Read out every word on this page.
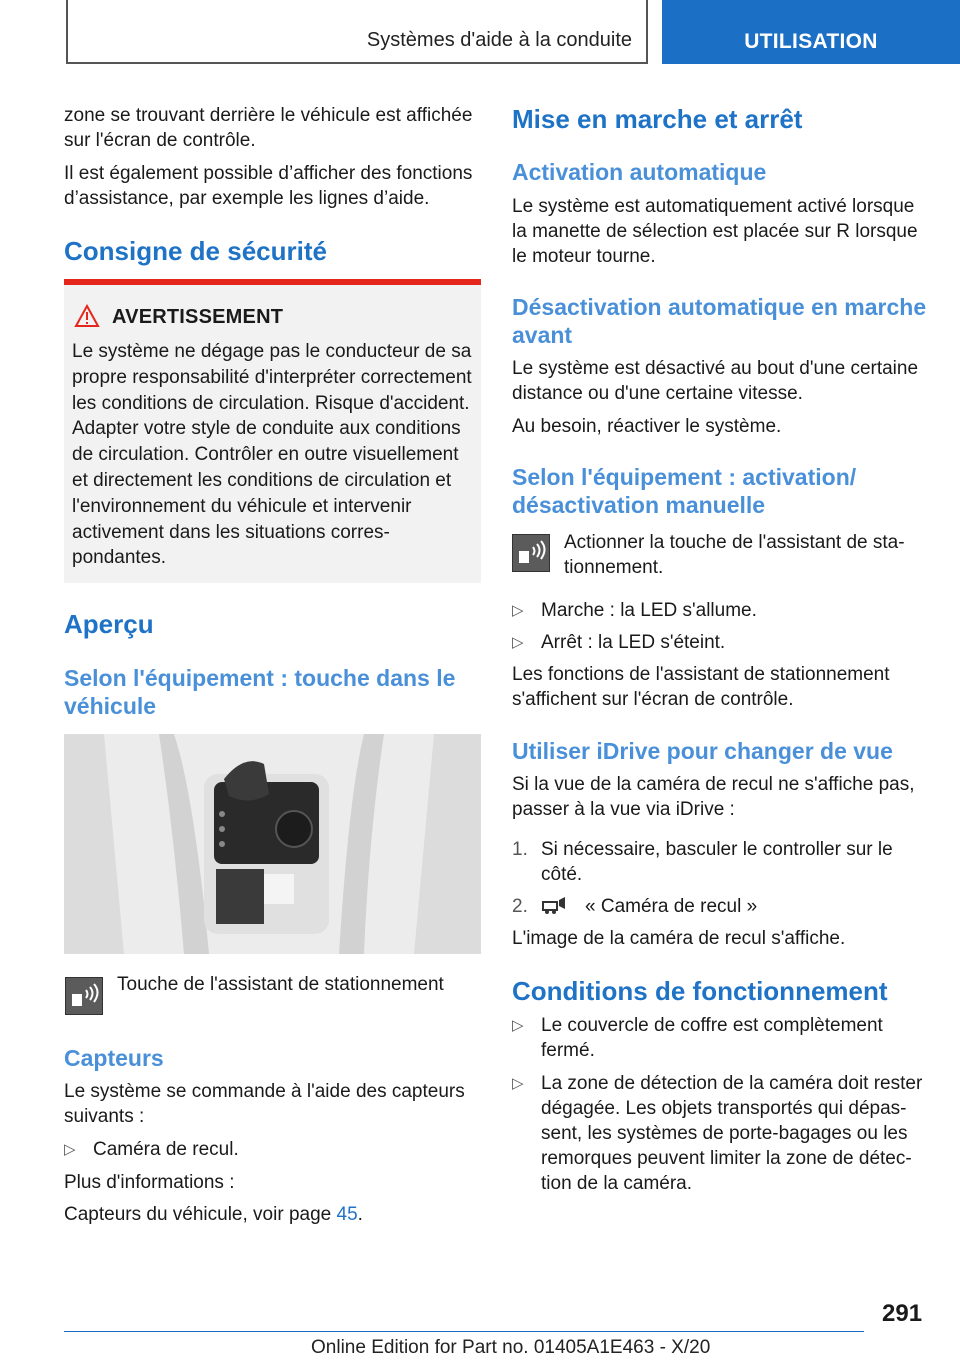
Systèmes d'aide à la conduite	UTILISATION

zone se trouvant derrière le véhicule est affichée sur l'écran de contrôle.

Il est également possible d’afficher des fonctions d’assistance, par exemple les lignes d’aide.

Consigne de sécurité
AVERTISSEMENT
Le système ne dégage pas le conducteur de sa propre responsabilité d'interpréter correctement les conditions de circulation. Risque d'accident. Adapter votre style de conduite aux conditions de circulation. Contrôler en outre visuellement et directement les conditions de circulation et l'environnement du véhicule et intervenir activement dans les situations correspondantes.
Aperçu
Selon l'équipement : touche dans le véhicule
Touche de l'assistant de stationnement
Capteurs

Le système se commande à l'aide des capteurs suivants :

▷ Caméra de recul.

Plus d'informations :

Capteurs du véhicule, voir page 45.

Mise en marche et arrêt
Activation automatique

Le système est automatiquement activé lorsque la manette de sélection est placée sur R lorsque le moteur tourne.

Désactivation automatique en marche avant

Le système est désactivé au bout d'une certaine distance ou d'une certaine vitesse.

Au besoin, réactiver le système.

Selon l'équipement : activation/ désactivation manuelle
Actionner la touche de l'assistant de stationnement.
▷ Marche : la LED s'allume.
▷ Arrêt : la LED s'éteint.

Les fonctions de l'assistant de stationnement s'affichent sur l'écran de contrôle.

Utiliser iDrive pour changer de vue

Si la vue de la caméra de recul ne s'affiche pas, passer à la vue via iDrive :

1. Si nécessaire, basculer le controller sur le côté.
2.	« Caméra de recul »

L'image de la caméra de recul s'affiche.

Conditions de fonctionnement
▷ Le couvercle de coffre est complètement fermé.
▷ La zone de détection de la caméra doit rester dégagée. Les objets transportés qui dépassent, les systèmes de porte-bagages ou les remorques peuvent limiter la zone de détection de la caméra.
291
Online Edition for Part no. 01405A1E463 - X/20
